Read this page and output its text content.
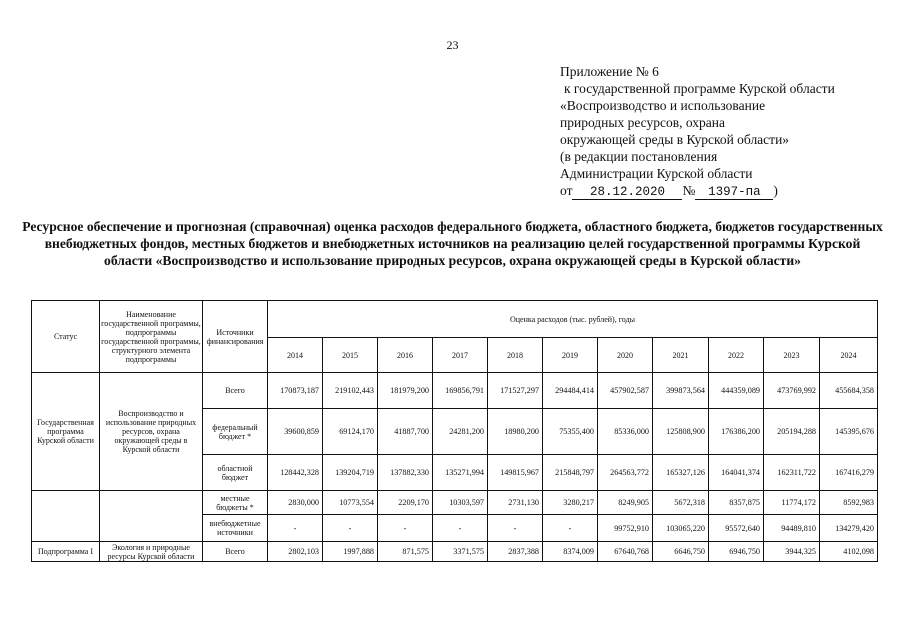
23
Приложение № 6
к государственной программе Курской области
«Воспроизводство и использование
природных ресурсов, охрана
окружающей среды в Курской области»
(в редакции постановления
Администрации Курской области
от 28.12.2020 № 1397-па )
Ресурсное обеспечение и прогнозная (справочная) оценка расходов федерального бюджета, областного бюджета, бюджетов государственных внебюджетных фондов, местных бюджетов и внебюджетных источников на реализацию целей государственной программы Курской области «Воспроизводство и использование природных ресурсов, охрана окружающей среды в Курской области»
Статус	Наименование государственной программы, подпрограммы государственной программы, структурного элемента подпрограммы	Источники финансирования	Оценка расходов (тыс. рублей), годы										
			2014	2015	2016	2017	2018	2019	2020	2021	2022	2023	2024
Государственная программа Курской области	Воспроизводство и использование природных ресурсов, охрана окружающей среды в Курской области	Всего	170873,187	219102,443	181979,200	169856,791	171527,297	294484,414	457902,587	399873,564	444359,089	473769,992	455684,358
		федеральный бюджет *	39600,859	69124,170	41887,700	24281,200	18980,200	75355,400	85336,000	125808,900	176386,200	205194,288	145395,676
		областной бюджет	128442,328	139204,719	137882,330	135271,994	149815,967	215848,797	264563,772	165327,126	164041,374	162311,722	167416,279
		местные бюджеты *	2830,000	10773,554	2209,170	10303,597	2731,130	3280,217	8249,905	5672,318	8357,875	11774,172	8592,983
		внебюджетные источники	-	-	-	-	-	-	99752,910	103065,220	95572,640	94489,810	134279,420
Подпрограмма I	Экология и природные ресурсы Курской области	Всего	2802,103	1997,888	871,575	3371,575	2837,388	8374,009	67640,768	6646,750	6946,750	3944,325	4102,098
